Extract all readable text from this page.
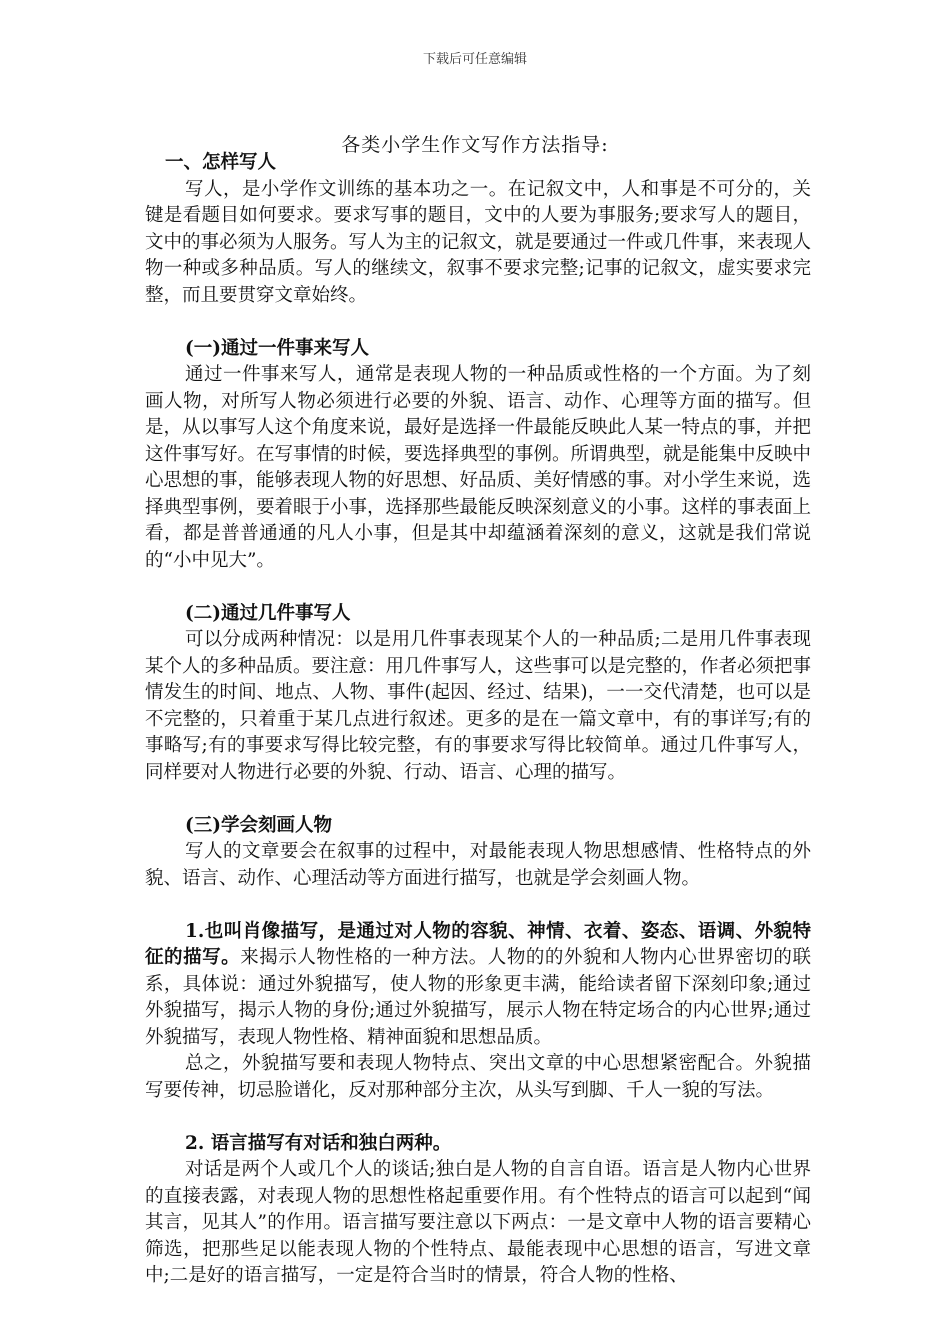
下载后可任意编辑
各类小学生作文写作方法指导:

一、怎样写人

写人，是小学作文训练的基本功之一。在记叙文中，人和事是不可分的，关键是看题目如何要求。要求写事的题目，文中的人要为事服务;要求写人的题目，文中的事必须为人服务。写人为主的记叙文，就是要通过一件或几件事，来表现人物一种或多种品质。写人的继续文，叙事不要求完整;记事的记叙文，虚实要求完整，而且要贯穿文章始终。

(一)通过一件事来写人

通过一件事来写人，通常是表现人物的一种品质或性格的一个方面。为了刻画人物，对所写人物必须进行必要的外貌、语言、动作、心理等方面的描写。但是，从以事写人这个角度来说，最好是选择一件最能反映此人某一特点的事，并把这件事写好。在写事情的时候，要选择典型的事例。所谓典型，就是能集中反映中心思想的事，能够表现人物的好思想、好品质、美好情感的事。对小学生来说，选择典型事例，要着眼于小事，选择那些最能反映深刻意义的小事。这样的事表面上看，都是普普通通的凡人小事，但是其中却蕴涵着深刻的意义，这就是我们常说的“小中见大”。

(二)通过几件事写人

可以分成两种情况：以是用几件事表现某个人的一种品质;二是用几件事表现某个人的多种品质。要注意：用几件事写人，这些事可以是完整的，作者必须把事情发生的时间、地点、人物、事件(起因、经过、结果)，一一交代清楚，也可以是不完整的，只着重于某几点进行叙述。更多的是在一篇文章中，有的事详写;有的事略写;有的事要求写得比较完整，有的事要求写得比较简单。通过几件事写人，同样要对人物进行必要的外貌、行动、语言、心理的描写。

(三)学会刻画人物

写人的文章要会在叙事的过程中，对最能表现人物思想感情、性格特点的外貌、语言、动作、心理活动等方面进行描写，也就是学会刻画人物。

1.也叫肖像描写，是通过对人物的容貌、神情、衣着、姿态、语调、外貌特征的描写。来揭示人物性格的一种方法。人物的的外貌和人物内心世界密切的联系，具体说：通过外貌描写，使人物的形象更丰满，能给读者留下深刻印象;通过外貌描写，揭示人物的身份;通过外貌描写，展示人物在特定场合的内心世界;通过外貌描写，表现人物性格、精神面貌和思想品质。

总之，外貌描写要和表现人物特点、突出文章的中心思想紧密配合。外貌描写要传神，切忌脸谱化，反对那种部分主次，从头写到脚、千人一貌的写法。

2. 语言描写有对话和独白两种。

对话是两个人或几个人的谈话;独白是人物的自言自语。语言是人物内心世界的直接表露，对表现人物的思想性格起重要作用。有个性特点的语言可以起到“闻其言，见其人”的作用。语言描写要注意以下两点：一是文章中人物的语言要精心筛选，把那些足以能表现人物的个性特点、最能表现中心思想的语言，写进文章中;二是好的语言描写，一定是符合当时的情景，符合人物的性格、
